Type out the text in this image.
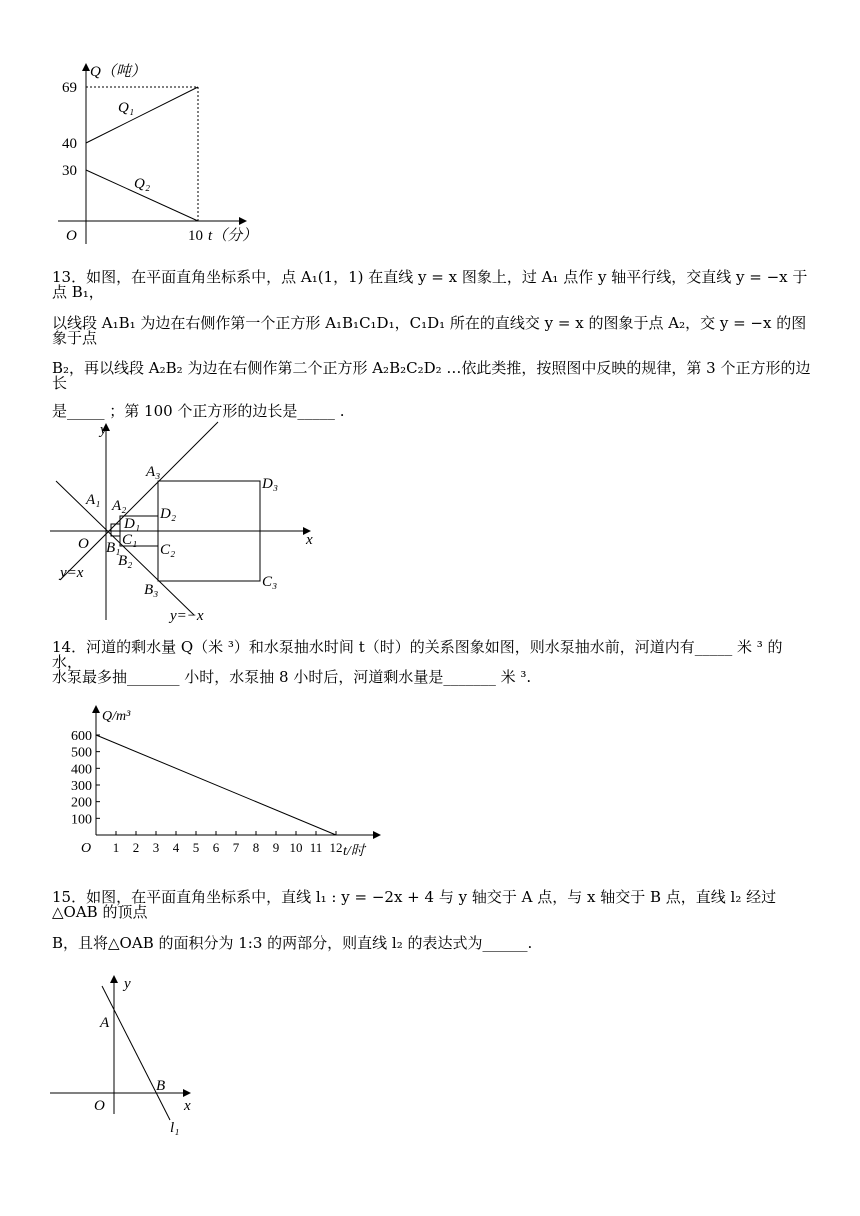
Q（吨）
69
40
30
O	10 t（分）
Q₁
Q₂
13．如图，在平面直角坐标系中，点 A₁(1，1) 在直线 y = x 图象上，过 A₁ 点作 y 轴平行线，交直线 y = −x 于点 B₁，
以线段 A₁B₁ 为边在右侧作第一个正方形 A₁B₁C₁D₁，C₁D₁ 所在的直线交 y = x 的图象于点 A₂，交 y = −x 的图象于点
B₂，再以线段 A₂B₂ 为边在右侧作第二个正方形 A₂B₂C₂D₂ …依此类推，按照图中反映的规律，第 3 个正方形的边长
是_____ ；第 100 个正方形的边长是_____ .
y
x
O
A₁ A₂
A₃
B₁
B₂
B₃
C₁
C₂
C₃
D₁
D₂
D₃
y=x
y=−x
14．河道的剩水量 Q（米 ³）和水泵抽水时间 t（时）的关系图象如图，则水泵抽水前，河道内有_____ 米 ³ 的水，
水泵最多抽_______ 小时，水泵抽 8 小时后，河道剩水量是_______ 米 ³.
1 2 3 4 5 6 7 8 9 10 11 12
600
500
400
300
200
100
O
Q/m³
t/时
15．如图，在平面直角坐标系中，直线 l₁ : y = −2x + 4 与 y 轴交于 A 点，与 x 轴交于 B 点，直线 l₂ 经过△OAB 的顶点
B，且将△OAB 的面积分为 1:3 的两部分，则直线 l₂ 的表达式为______.
y
x
O
A
B
l₁
